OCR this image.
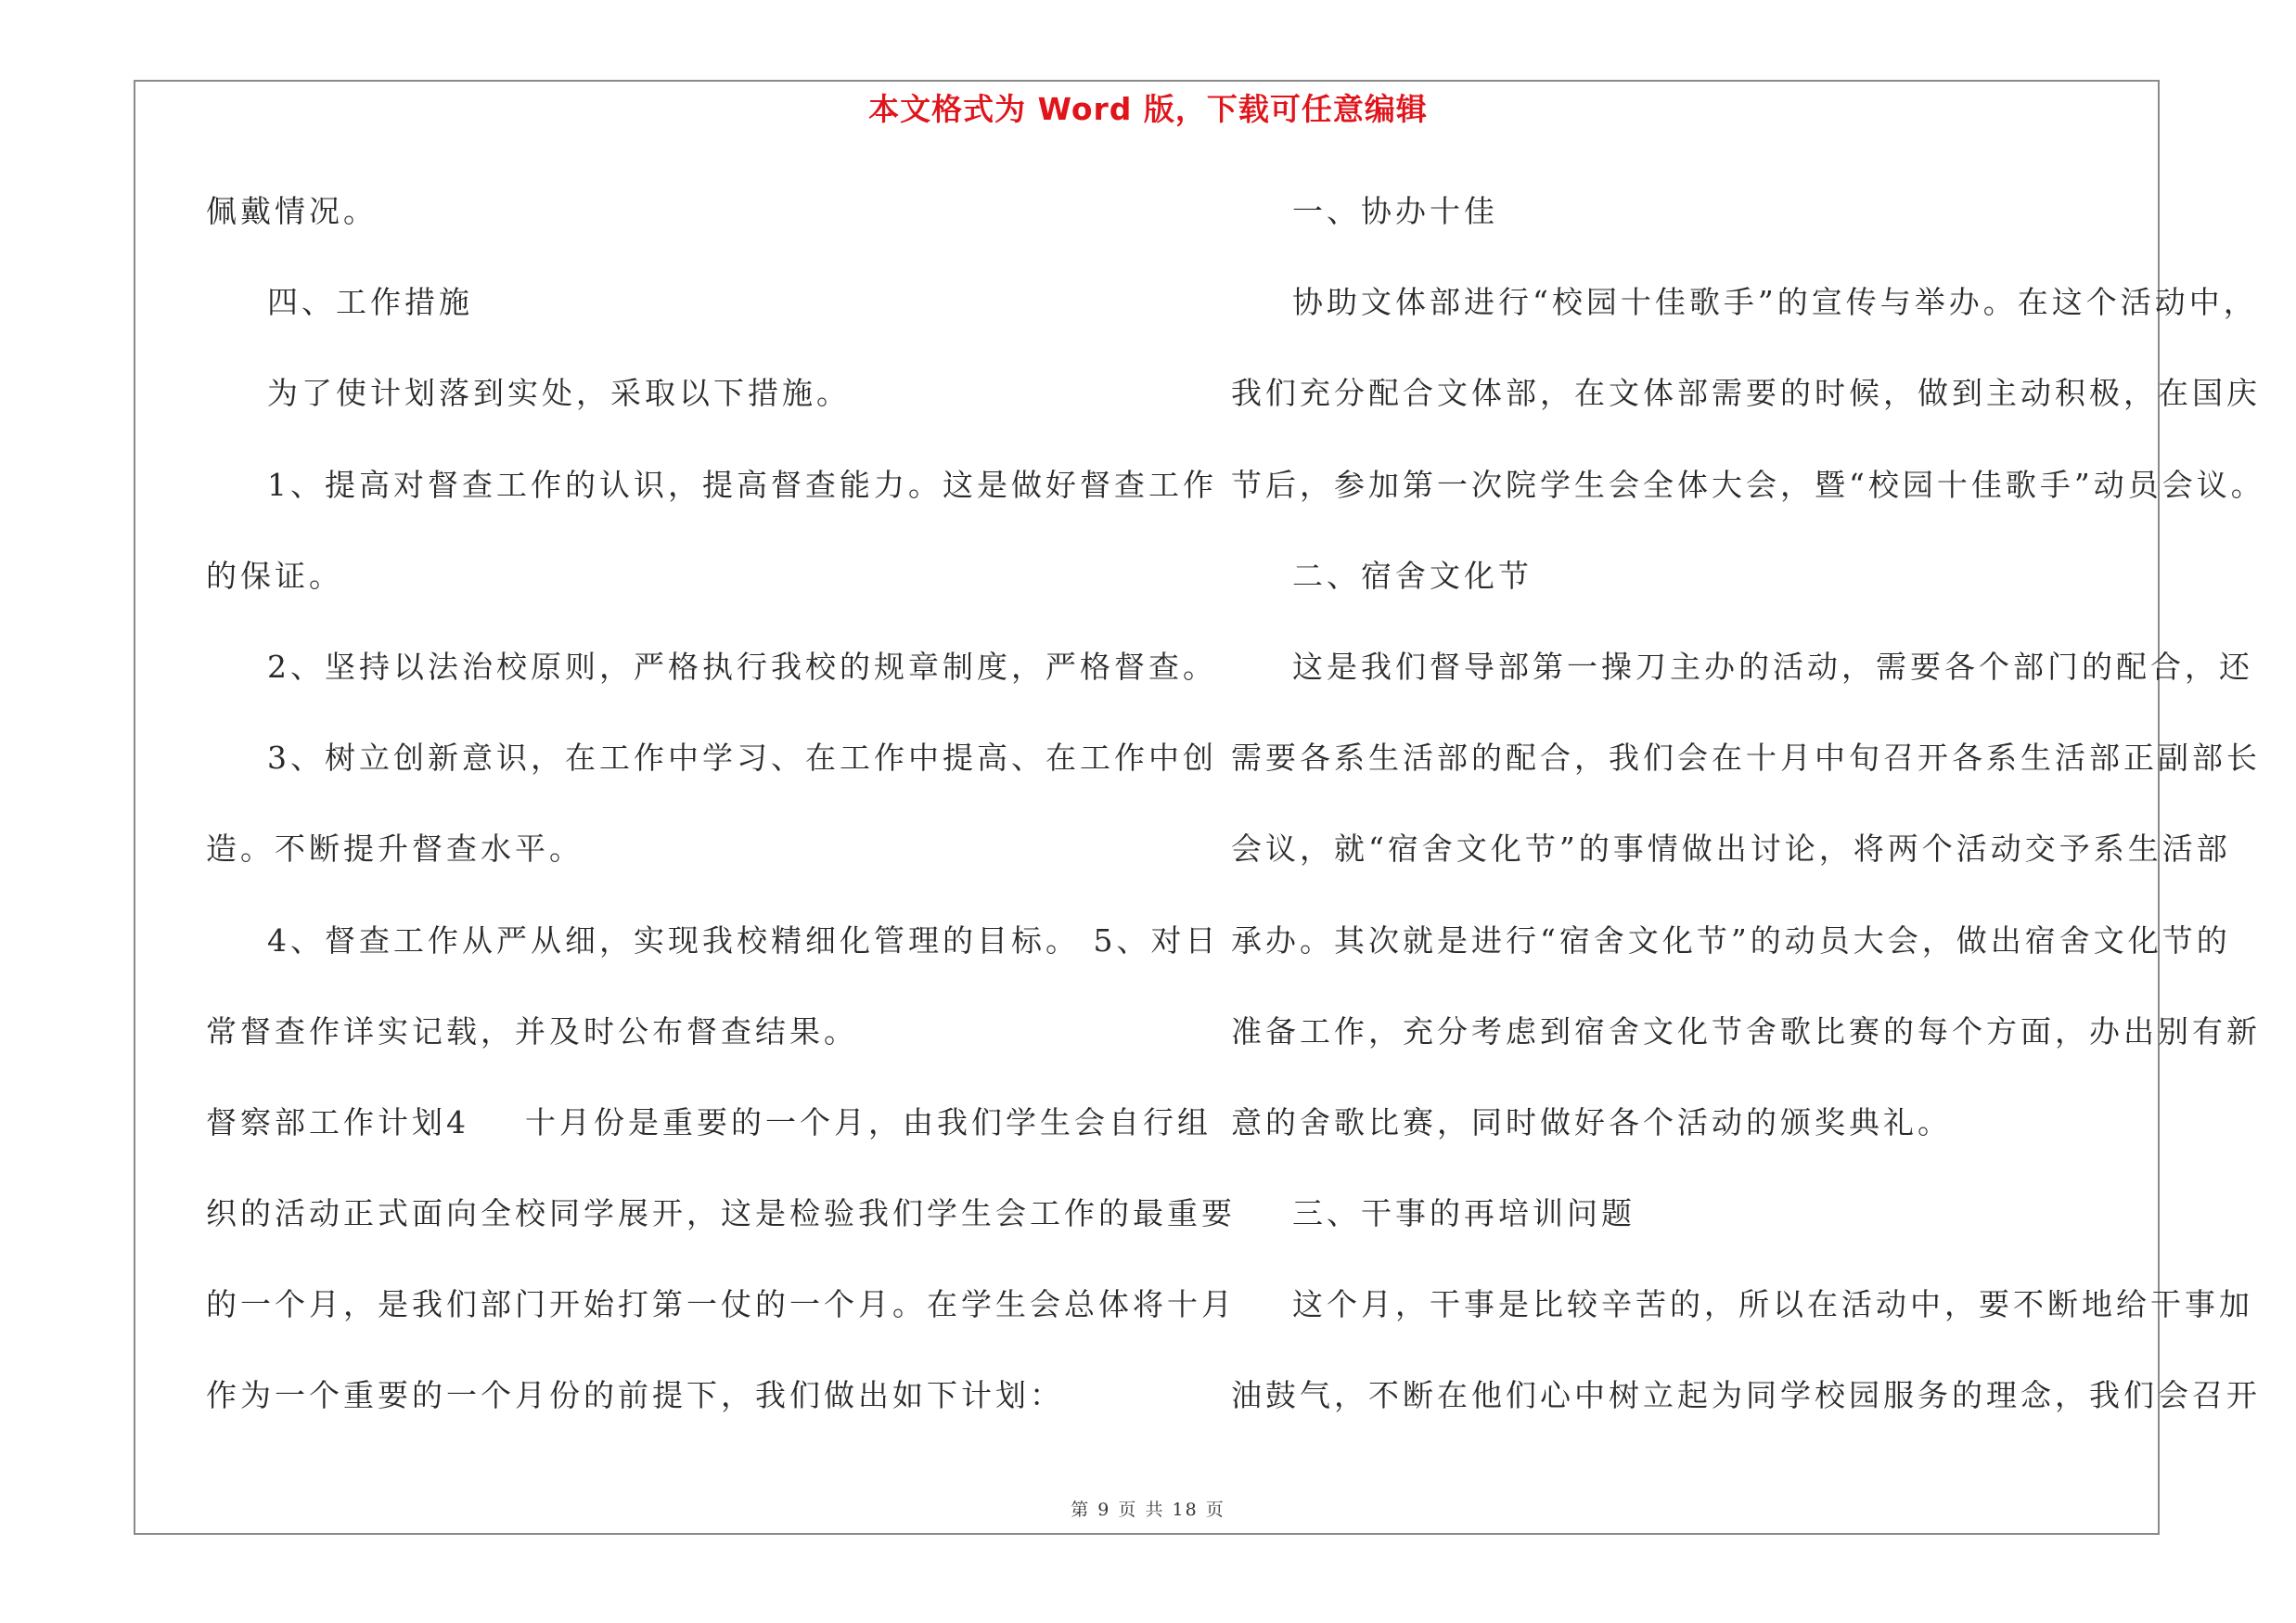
本文格式为 Word 版，下载可任意编辑
佩戴情况。
四、工作措施
为了使计划落到实处，采取以下措施。
1、提高对督查工作的认识，提高督查能力。这是做好督查工作
的保证。
2、坚持以法治校原则，严格执行我校的规章制度，严格督查。
3、树立创新意识，在工作中学习、在工作中提高、在工作中创
造。不断提升督查水平。
4、督查工作从严从细，实现我校精细化管理的目标。 5、对日
常督查作详实记载，并及时公布督查结果。
督察部工作计划4 十月份是重要的一个月，由我们学生会自行组
织的活动正式面向全校同学展开，这是检验我们学生会工作的最重要
的一个月，是我们部门开始打第一仗的一个月。在学生会总体将十月
作为一个重要的一个月份的前提下，我们做出如下计划：
一、协办十佳
协助文体部进行“校园十佳歌手”的宣传与举办。在这个活动中，
我们充分配合文体部，在文体部需要的时候，做到主动积极，在国庆
节后，参加第一次院学生会全体大会，暨“校园十佳歌手”动员会议。
二、宿舍文化节
这是我们督导部第一操刀主办的活动，需要各个部门的配合，还
需要各系生活部的配合，我们会在十月中旬召开各系生活部正副部长
会议，就“宿舍文化节”的事情做出讨论，将两个活动交予系生活部
承办。其次就是进行“宿舍文化节”的动员大会，做出宿舍文化节的
准备工作，充分考虑到宿舍文化节舍歌比赛的每个方面，办出别有新
意的舍歌比赛，同时做好各个活动的颁奖典礼。
三、干事的再培训问题
这个月，干事是比较辛苦的，所以在活动中，要不断地给干事加
油鼓气，不断在他们心中树立起为同学校园服务的理念，我们会召开
第 9 页 共 18 页
